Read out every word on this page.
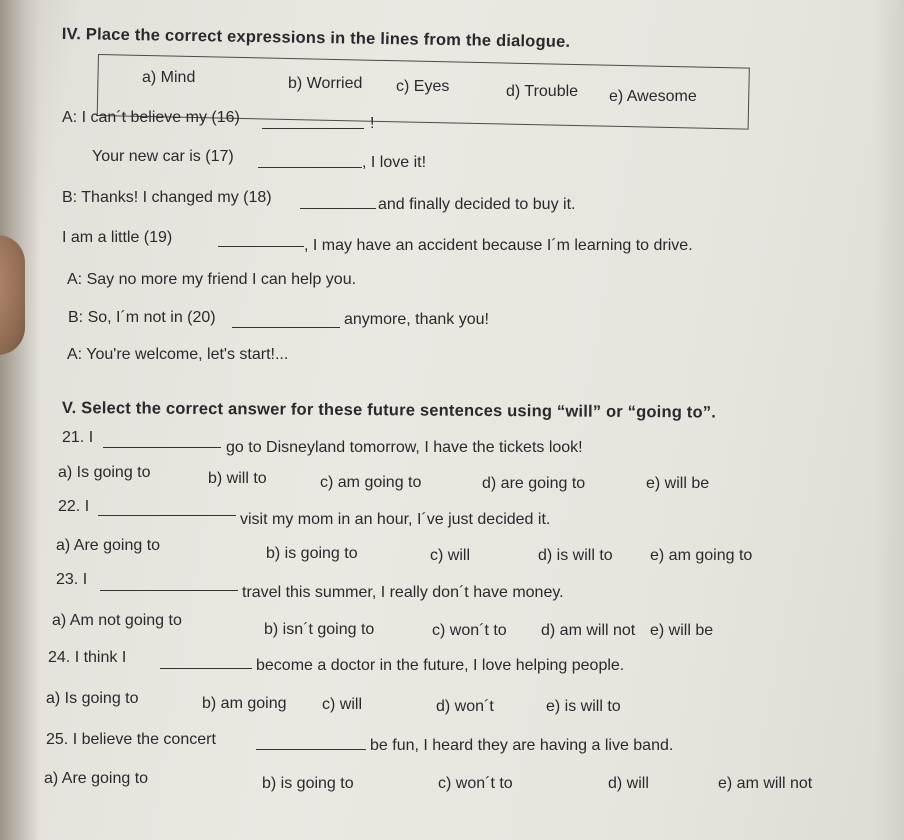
IV. Place the correct expressions in the lines from the dialogue.
a) Mind	b) Worried c) Eyes	d) Trouble e) Awesome
A: I can´t believe my (16)	!
Your new car is (17)	, I love it!
B: Thanks! I changed my (18)	and finally decided to buy it.
I am a little (19)	, I may have an accident because I´m learning to drive.
A: Say no more my friend I can help you.
B: So, I´m not in (20)	anymore, thank you!
A: You're welcome, let's start!...
V. Select the correct answer for these future sentences using “will” or “going to”.
21. I
go to Disneyland tomorrow, I have the tickets look!
a) Is going to	b) will to	c) am going to	d) are going to	e) will be
22. I
visit my mom in an hour, I´ve just decided it.
a) Are going to	b) is going to	c) will	d) is will to e) am going to
23. I
travel this summer, I really don´t have money.
a) Am not going to
b) isn´t going to	c) won´t to d) am will not e) will be
24. I think I	become a doctor in the future, I love helping people.
a) Is going to	b) am going c) will	d) won´t	e) is will to
25. I believe the concert	be fun, I heard they are having a live band.
a) Are going to	b) is going to	c) won´t to	d) will	e) am will not
